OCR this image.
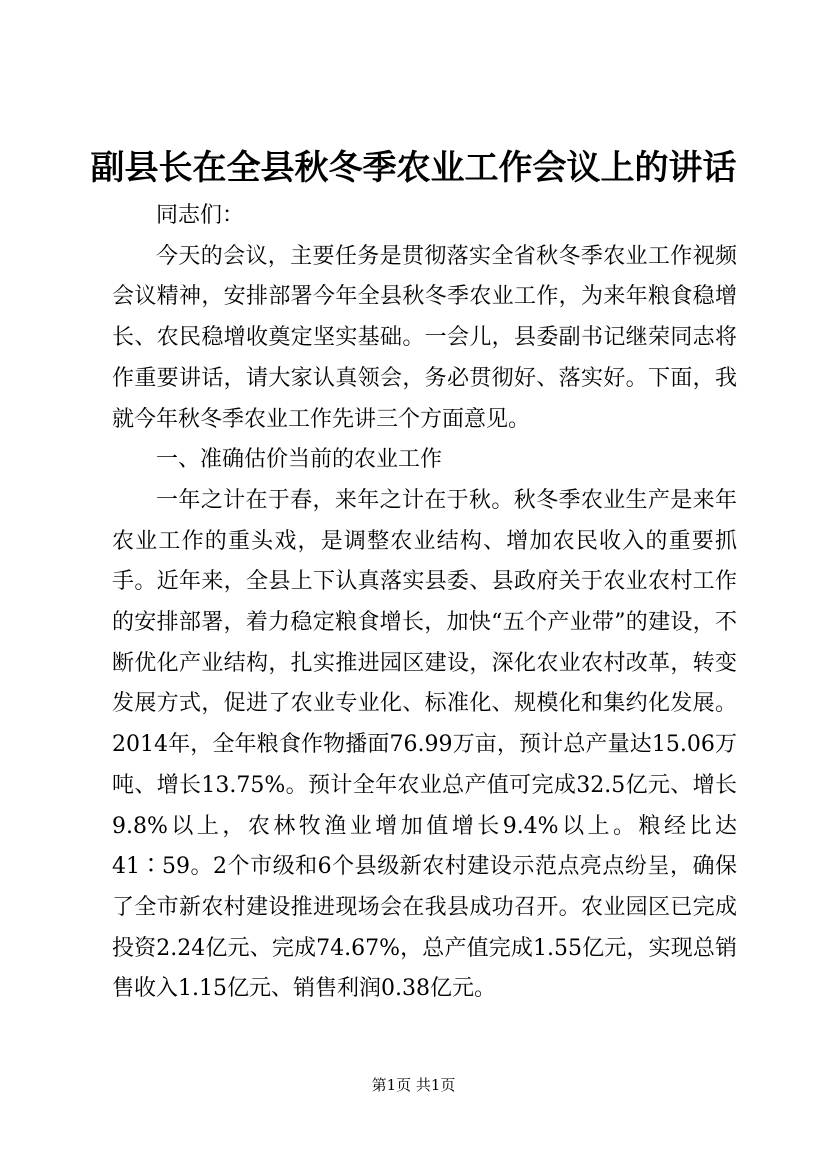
副县长在全县秋冬季农业工作会议上的讲话

同志们：

今天的会议，主要任务是贯彻落实全省秋冬季农业工作视频会议精神，安排部署今年全县秋冬季农业工作，为来年粮食稳增长、农民稳增收奠定坚实基础。一会儿，县委副书记继荣同志将作重要讲话，请大家认真领会，务必贯彻好、落实好。下面，我就今年秋冬季农业工作先讲三个方面意见。

一、准确估价当前的农业工作

一年之计在于春，来年之计在于秋。秋冬季农业生产是来年农业工作的重头戏，是调整农业结构、增加农民收入的重要抓手。近年来，全县上下认真落实县委、县政府关于农业农村工作的安排部署，着力稳定粮食增长，加快“五个产业带”的建设，不断优化产业结构，扎实推进园区建设，深化农业农村改革，转变发展方式，促进了农业专业化、标准化、规模化和集约化发展。2014年，全年粮食作物播面76.99万亩，预计总产量达15.06万吨、增长13.75%。预计全年农业总产值可完成32.5亿元、增长9.8%以上，农林牧渔业增加值增长9.4%以上。粮经比达41∶59。2个市级和6个县级新农村建设示范点亮点纷呈，确保了全市新农村建设推进现场会在我县成功召开。农业园区已完成投资2.24亿元、完成74.67%，总产值完成1.55亿元，实现总销售收入1.15亿元、销售利润0.38亿元。

第1页 共1页
